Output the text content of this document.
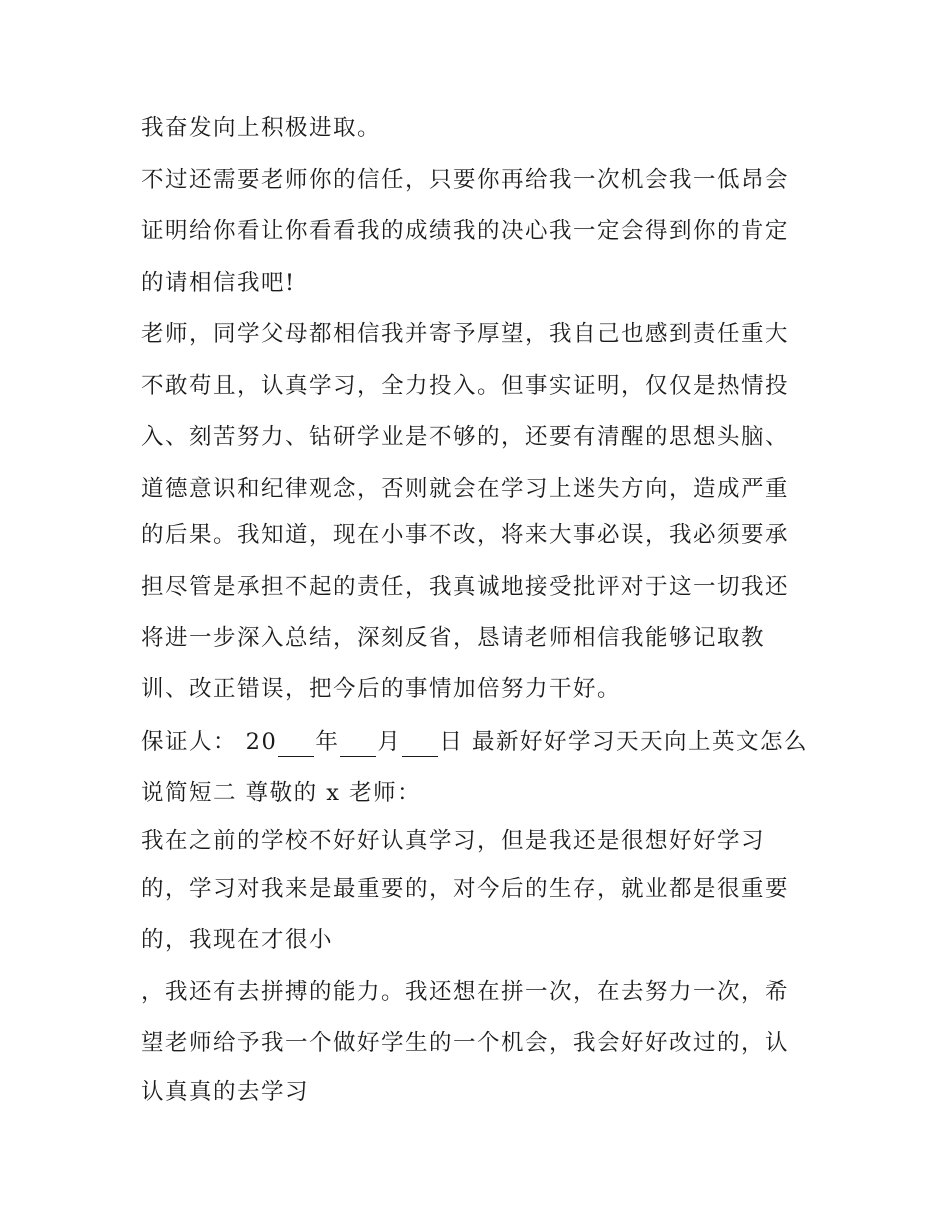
我奋发向上积极进取。

不过还需要老师你的信任，只要你再给我一次机会我一低昂会

证明给你看让你看看我的成绩我的决心我一定会得到你的肯定

的请相信我吧!

老师，同学父母都相信我并寄予厚望，我自己也感到责任重大

不敢苟且，认真学习，全力投入。但事实证明，仅仅是热情投

入、刻苦努力、钻研学业是不够的，还要有清醒的思想头脑、

道德意识和纪律观念，否则就会在学习上迷失方向，造成严重

的后果。我知道，现在小事不改，将来大事必误，我必须要承

担尽管是承担不起的责任，我真诚地接受批评对于这一切我还

将进一步深入总结，深刻反省，恳请老师相信我能够记取教

训、改正错误，把今后的事情加倍努力干好。

保证人： 20 年 月 日 最新好好学习天天向上英文怎么

说简短二 尊敬的 x 老师：

我在之前的学校不好好认真学习，但是我还是很想好好学习

的，学习对我来是最重要的，对今后的生存，就业都是很重要

的，我现在才很小

，我还有去拼搏的能力。我还想在拼一次，在去努力一次，希

望老师给予我一个做好学生的一个机会，我会好好改过的，认

认真真的去学习
